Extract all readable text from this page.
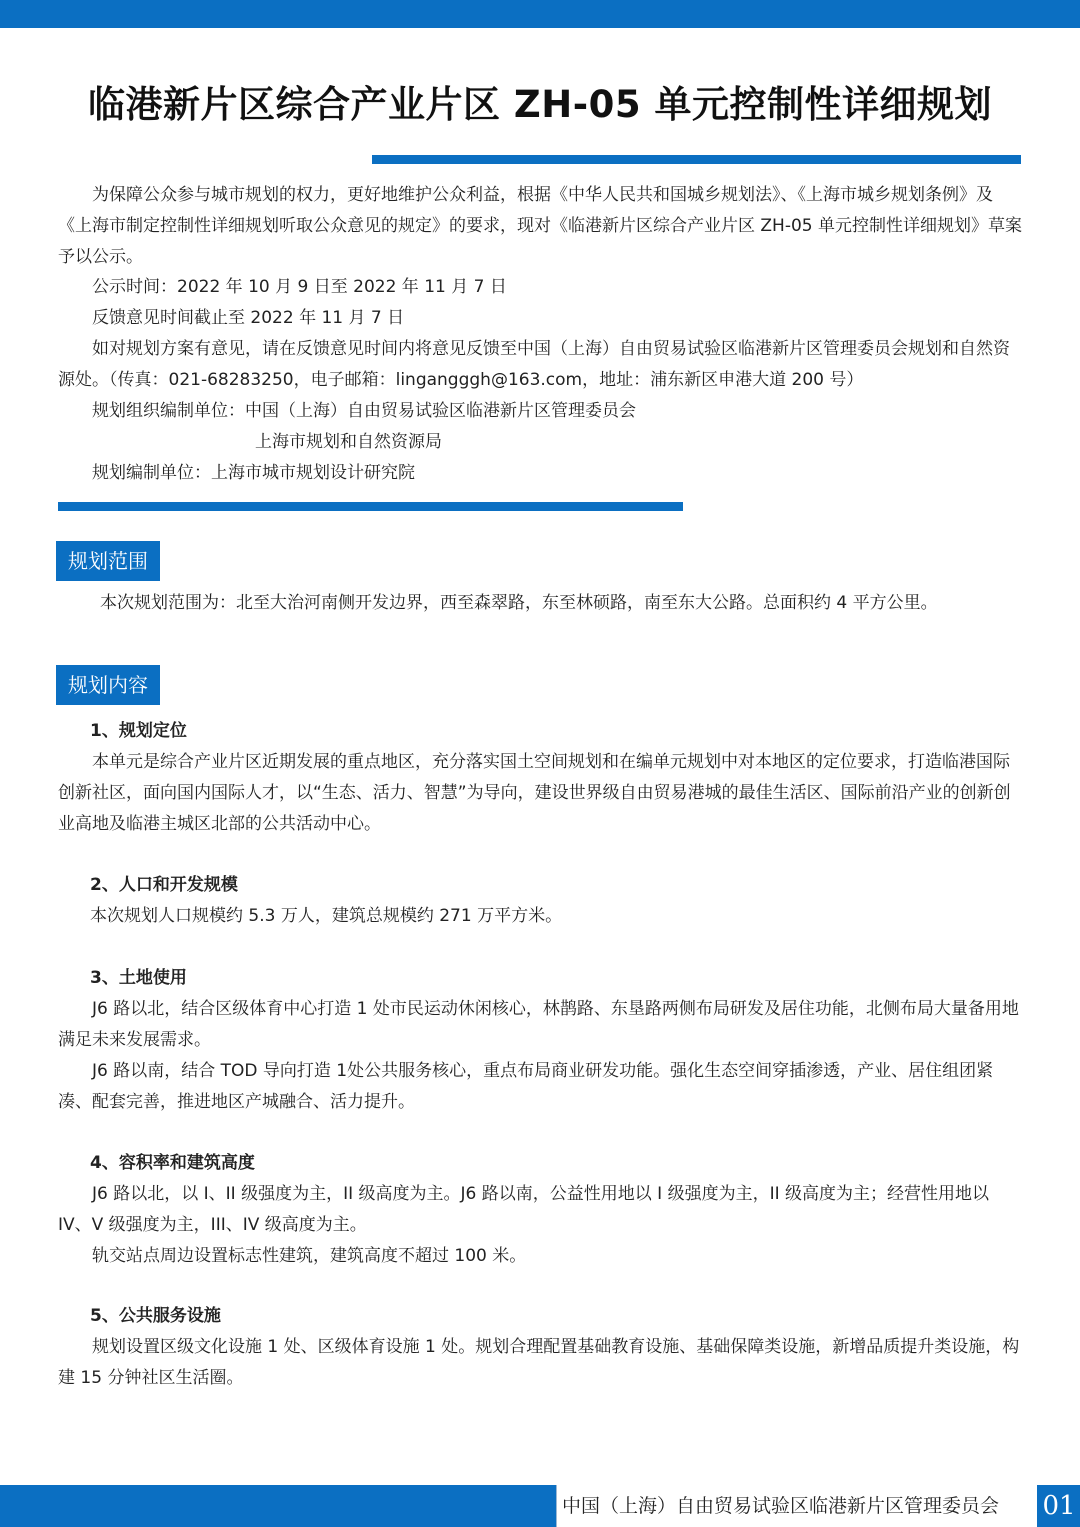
临港新片区综合产业片区 ZH-05 单元控制性详细规划

为保障公众参与城市规划的权力，更好地维护公众利益，根据《中华人民共和国城乡规划法》、《上海市城乡规划条例》及《上海市制定控制性详细规划听取公众意见的规定》的要求，现对《临港新片区综合产业片区 ZH-05 单元控制性详细规划》草案予以公示。

公示时间：2022 年 10 月 9 日至 2022 年 11 月 7 日
反馈意见时间截止至 2022 年 11 月 7 日

如对规划方案有意见，请在反馈意见时间内将意见反馈至中国（上海）自由贸易试验区临港新片区管理委员会规划和自然资源处。（传真：021-68283250，电子邮箱：lingangggh@163.com，地址：浦东新区申港大道 200 号）

规划组织编制单位：中国（上海）自由贸易试验区临港新片区管理委员会
上海市规划和自然资源局
规划编制单位：上海市城市规划设计研究院
规划范围
本次规划范围为：北至大治河南侧开发边界，西至森翠路，东至林硕路，南至东大公路。总面积约 4 平方公里。
规划内容
1、规划定位

本单元是综合产业片区近期发展的重点地区，充分落实国土空间规划和在编单元规划中对本地区的定位要求，打造临港国际创新社区，面向国内国际人才，以“生态、活力、智慧”为导向，建设世界级自由贸易港城的最佳生活区、国际前沿产业的创新创业高地及临港主城区北部的公共活动中心。

2、人口和开发规模
本次规划人口规模约 5.3 万人，建筑总规模约 271 万平方米。
3、土地使用

J6 路以北，结合区级体育中心打造 1 处市民运动休闲核心，林鹊路、东垦路两侧布局研发及居住功能，北侧布局大量备用地满足未来发展需求。

J6 路以南，结合 TOD 导向打造 1处公共服务核心，重点布局商业研发功能。强化生态空间穿插渗透，产业、居住组团紧凑、配套完善，推进地区产城融合、活力提升。

4、容积率和建筑高度

J6 路以北，以 I、II 级强度为主，II 级高度为主。J6 路以南，公益性用地以 I 级强度为主，II 级高度为主；经营性用地以 IV、V 级强度为主，III、IV 级高度为主。

轨交站点周边设置标志性建筑，建筑高度不超过 100 米。
5、公共服务设施

规划设置区级文化设施 1 处、区级体育设施 1 处。规划合理配置基础教育设施、基础保障类设施，新增品质提升类设施，构建 15 分钟社区生活圈。

中国（上海）自由贸易试验区临港新片区管理委员会 01
